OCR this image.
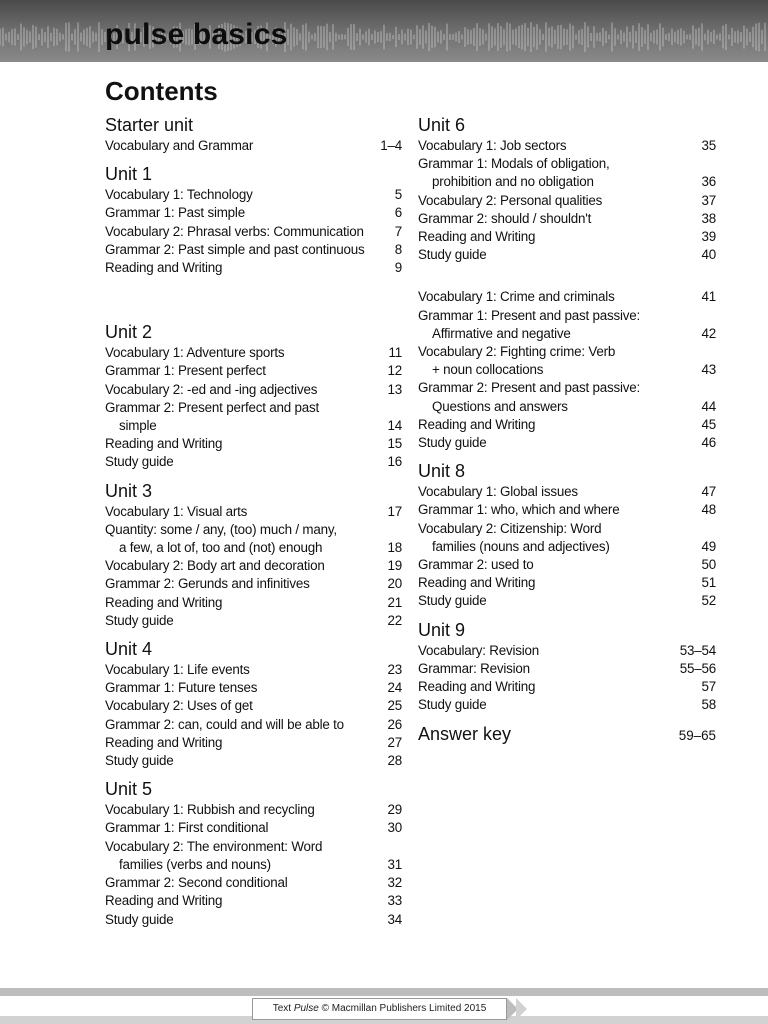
pulse basics
Contents
Starter unit
Vocabulary and Grammar	1–4
Unit 1
Vocabulary 1: Technology	5
Grammar 1: Past simple	6
Vocabulary 2: Phrasal verbs: Communication	7
Grammar 2: Past simple and past continuous	8
Reading and Writing	9
Unit 2
Vocabulary 1: Adventure sports	11
Grammar 1: Present perfect	12
Vocabulary 2: -ed and -ing adjectives	13
Grammar 2: Present perfect and past
simple	14
Reading and Writing	15
Study guide	16
Unit 3
Vocabulary 1: Visual arts	17
Quantity: some / any, (too) much / many,
a few, a lot of, too and (not) enough	18
Vocabulary 2: Body art and decoration	19
Grammar 2: Gerunds and infinitives	20
Reading and Writing	21
Study guide	22
Unit 4
Vocabulary 1: Life events	23
Grammar 1: Future tenses	24
Vocabulary 2: Uses of get	25
Grammar 2: can, could and will be able to	26
Reading and Writing	27
Study guide	28
Unit 5
Vocabulary 1: Rubbish and recycling	29
Grammar 1: First conditional	30
Vocabulary 2: The environment: Word
families (verbs and nouns)	31
Grammar 2: Second conditional	32
Reading and Writing	33
Study guide	34
Unit 6
Vocabulary 1: Job sectors	35
Grammar 1: Modals of obligation,
prohibition and no obligation	36
Vocabulary 2: Personal qualities	37
Grammar 2: should / shouldn't	38
Reading and Writing	39
Study guide	40
Vocabulary 1: Crime and criminals	41
Grammar 1: Present and past passive:
Affirmative and negative	42
Vocabulary 2: Fighting crime: Verb
+ noun collocations	43
Grammar 2: Present and past passive:
Questions and answers	44
Reading and Writing	45
Study guide	46
Unit 8
Vocabulary 1: Global issues	47
Grammar 1: who, which and where	48
Vocabulary 2: Citizenship: Word
families (nouns and adjectives)	49
Grammar 2: used to	50
Reading and Writing	51
Study guide	52
Unit 9
Vocabulary: Revision	53–54
Grammar: Revision	55–56
Reading and Writing	57
Study guide	58
Answer key	59–65
Text Pulse © Macmillan Publishers Limited 2015
